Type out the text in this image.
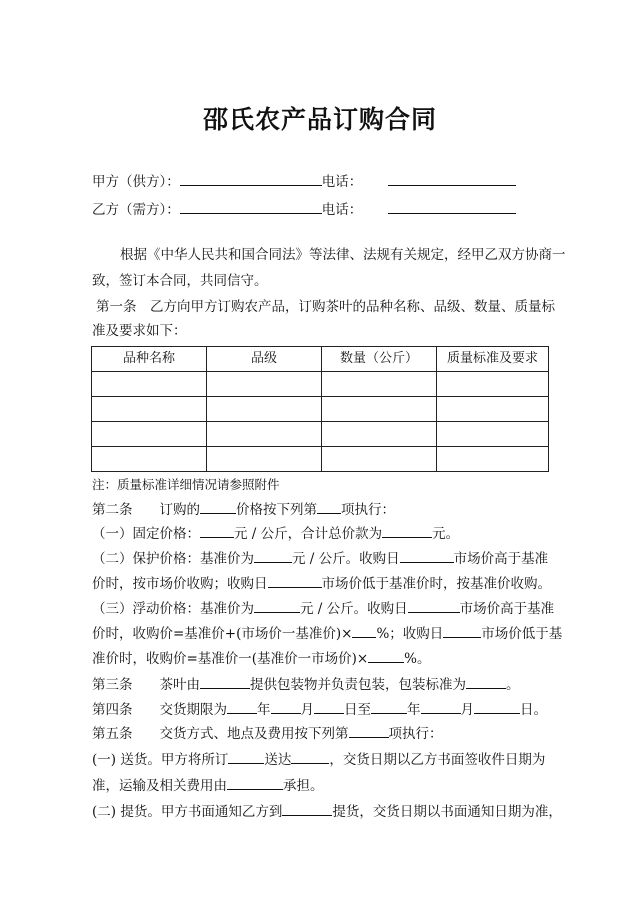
邵氏农产品订购合同
甲方（供方）：	电话：
乙方（需方）：	电话：
根据《中华人民共和国合同法》等法律、法规有关规定，经甲乙双方协商一
致，签订本合同，共同信守。
第一条　乙方向甲方订购农产品，订购茶叶的品种名称、品级、数量、质量标
准及要求如下：
品种名称	品级	数量（公斤）	质量标准及要求

注：质量标准详细情况请参照附件
第二条　　订购的	价格按下列第 项执行：
（一）固定价格：	元 / 公斤，合计总价款为	元。
（二）保护价格：基准价为	元 / 公斤。收购日	市场价高于基准
价时，按市场价收购；收购日	市场价低于基准价时，按基准价收购。
（三）浮动价格：基准价为	元 / 公斤。收购日	市场价高于基准
价时，收购价=基准价+(市场价一基准价)× %；收购日	市场价低于基
准价时，收购价=基准价一(基准价一市场价)×	%。
第三条　　茶叶由	提供包装物并负责包装，包装标准为	。
第四条　　交货期限为 年 月 日至	年	月	日。
第五条　　交货方式、地点及费用按下列第	项执行：
(一) 送货。甲方将所订	送达	，交货日期以乙方书面签收件日期为
准，运输及相关费用由	承担。
(二) 提货。甲方书面通知乙方到	提货，交货日期以书面通知日期为准，
